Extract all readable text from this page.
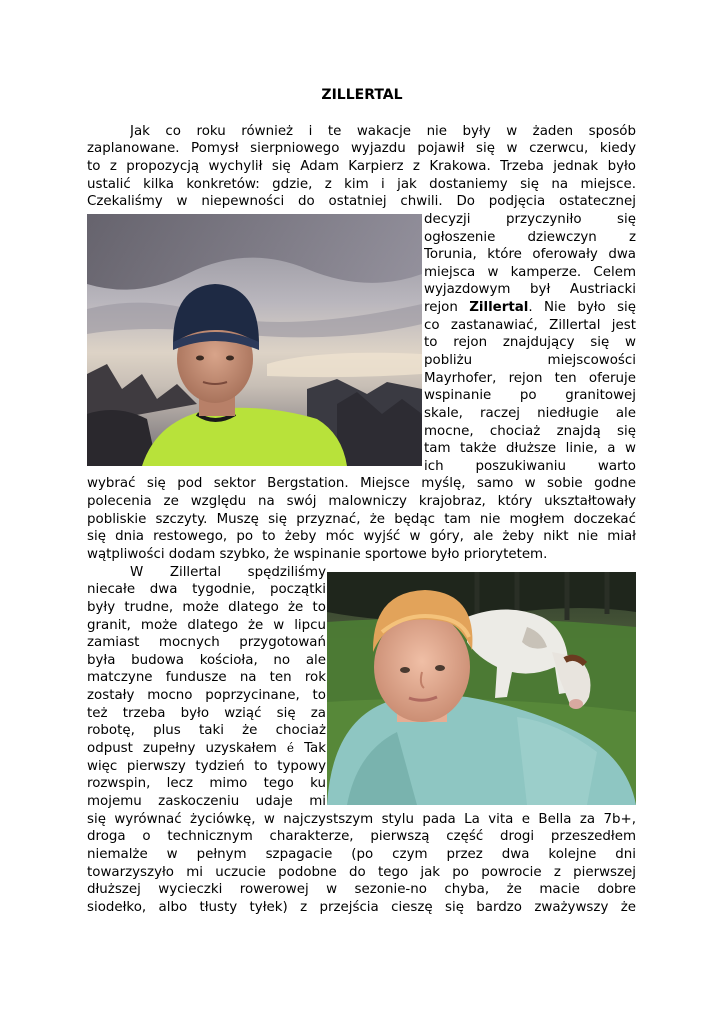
ZILLERTAL
Jak co roku również i te wakacje nie były w żaden sposób
zaplanowane. Pomysł sierpniowego wyjazdu pojawił się w czerwcu, kiedy
to z propozycją wychylił się Adam Karpierz z Krakowa. Trzeba jednak było
ustalić kilka konkretów: gdzie, z kim i jak dostaniemy się na miejsce.
Czekaliśmy w niepewności do ostatniej chwili. Do podjęcia ostatecznej
decyzji przyczyniło się
ogłoszenie dziewczyn z
Torunia, które oferowały dwa
miejsca w kamperze. Celem
wyjazdowym był Austriacki
rejon Zillertal. Nie było się
co zastanawiać, Zillertal jest
to rejon znajdujący się w
pobliżu miejscowości
Mayrhofer, rejon ten oferuje
wspinanie po granitowej
skale, raczej niedługie ale
mocne, chociaż znajdą się
tam także dłuższe linie, a w
ich poszukiwaniu warto
wybrać się pod sektor Bergstation. Miejsce myślę, samo w sobie godne
polecenia ze względu na swój malowniczy krajobraz, który ukształtowały
pobliskie szczyty. Muszę się przyznać, że będąc tam nie mogłem doczekać
się dnia restowego, po to żeby móc wyjść w góry, ale żeby nikt nie miał
wątpliwości dodam szybko, że wspinanie sportowe było priorytetem.
W Zillertal spędziliśmy
niecałe dwa tygodnie, początki
były trudne, może dlatego że to
granit, może dlatego że w lipcu
zamiast mocnych przygotowań
była budowa kościoła, no ale
matczyne fundusze na ten rok
zostały mocno poprzycinane, to
też trzeba było wziąć się za
robotę, plus taki że chociaż
odpust zupełny uzyskałem é Tak
więc pierwszy tydzień to typowy
rozwspin, lecz mimo tego ku
mojemu zaskoczeniu udaje mi
się wyrównać życiówkę, w najczystszym stylu pada La vita e Bella za 7b+,
droga o technicznym charakterze, pierwszą część drogi przeszedłem
niemalże w pełnym szpagacie (po czym przez dwa kolejne dni
towarzyszyło mi uczucie podobne do tego jak po powrocie z pierwszej
dłuższej wycieczki rowerowej w sezonie-no chyba, że macie dobre
siodełko, albo tłusty tyłek) z przejścia cieszę się bardzo zważywszy że
